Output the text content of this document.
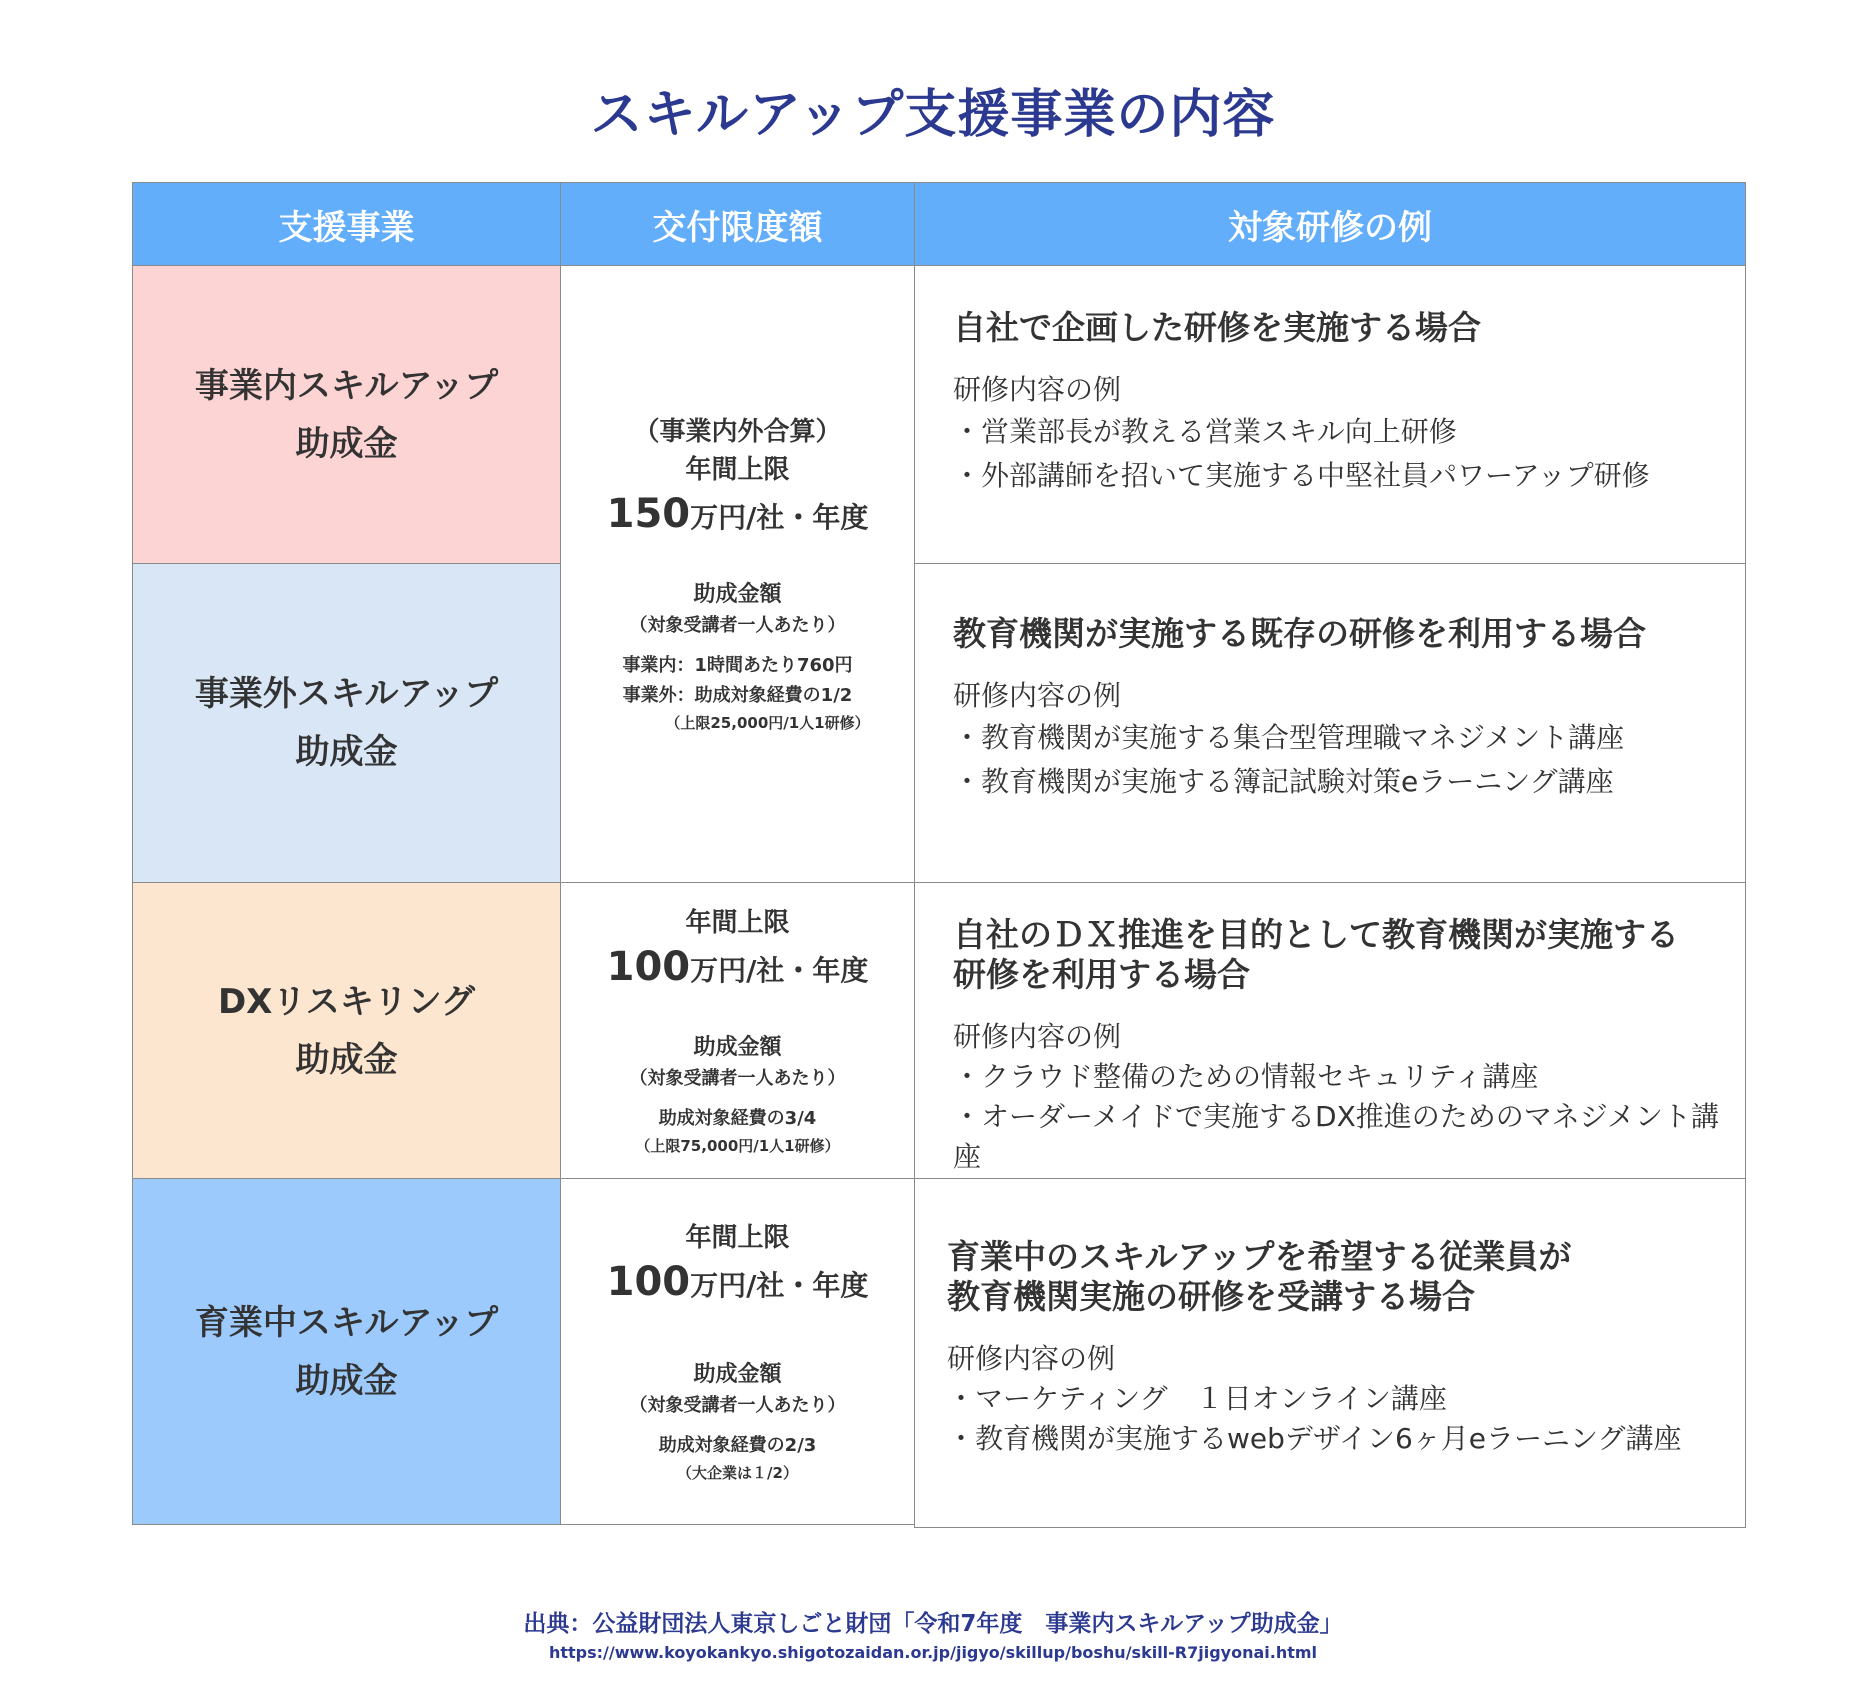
スキルアップ支援事業の内容
支援事業	交付限度額	対象研修の例
事業内スキルアップ
助成金
事業外スキルアップ
助成金
DXリスキリング
助成金
育業中スキルアップ
助成金
（事業内外合算）
年間上限
150万円/社・年度
助成金額
（対象受講者一人あたり）
事業内：1時間あたり760円
事業外：助成対象経費の1/2
（上限25,000円/1人1研修）
年間上限
100万円/社・年度
助成金額
（対象受講者一人あたり）
助成対象経費の3/4
（上限75,000円/1人1研修）
年間上限
100万円/社・年度
助成金額
（対象受講者一人あたり）
助成対象経費の2/3
（大企業は１/2）
自社で企画した研修を実施する場合
研修内容の例
・ 営業部長が教える営業スキル向上研修
・ 外部講師を招いて実施する中堅社員パワーアップ研修
教育機関が実施する既存の研修を利用する場合
研修内容の例
・ 教育機関が実施する集合型管理職マネジメント講座
・ 教育機関が実施する簿記試験対策eラーニング講座
自社のＤＸ推進を目的として教育機関が実施する
研修を利用する場合
研修内容の例
・ クラウド整備のための情報セキュリティ講座
・ オーダーメイドで実施するDX推進のためのマネジメント講座
育業中のスキルアップを希望する従業員が
教育機関実施の研修を受講する場合
研修内容の例
・ マーケティング　１日オンライン講座
・ 教育機関が実施するwebデザイン6ヶ月eラーニング講座
出典：公益財団法人東京しごと財団「令和7年度　事業内スキルアップ助成金」
https://www.koyokankyo.shigotozaidan.or.jp/jigyo/skillup/boshu/skill-R7jigyonai.html
